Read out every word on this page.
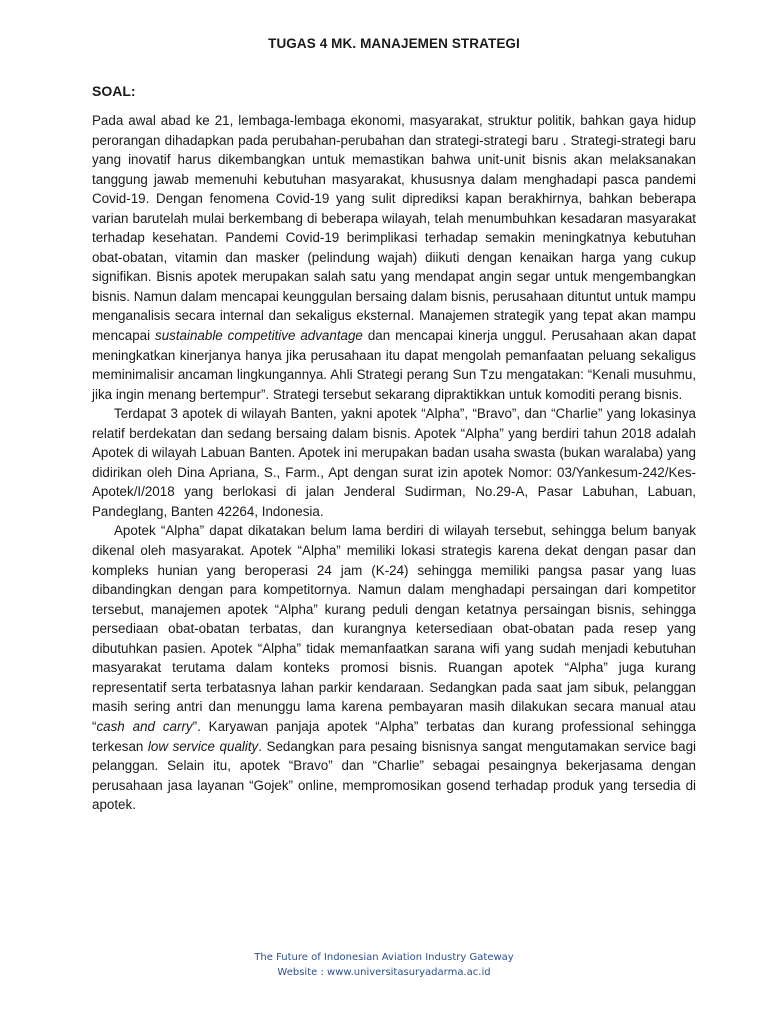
TUGAS 4 MK. MANAJEMEN STRATEGI
SOAL:

Pada awal abad ke 21, lembaga-lembaga ekonomi, masyarakat, struktur politik, bahkan gaya hidup perorangan dihadapkan pada perubahan-perubahan dan strategi-strategi baru . Strategi-strategi baru yang inovatif harus dikembangkan untuk memastikan bahwa unit-unit bisnis akan melaksanakan tanggung jawab memenuhi kebutuhan masyarakat, khususnya dalam menghadapi pasca pandemi Covid-19. Dengan fenomena Covid-19 yang sulit diprediksi kapan berakhirnya, bahkan beberapa varian barutelah mulai berkembang di beberapa wilayah, telah menumbuhkan kesadaran masyarakat terhadap kesehatan. Pandemi Covid-19 berimplikasi terhadap semakin meningkatnya kebutuhan obat-obatan, vitamin dan masker (pelindung wajah) diikuti dengan kenaikan harga yang cukup signifikan. Bisnis apotek merupakan salah satu yang mendapat angin segar untuk mengembangkan bisnis. Namun dalam mencapai keunggulan bersaing dalam bisnis, perusahaan dituntut untuk mampu menganalisis secara internal dan sekaligus eksternal. Manajemen strategik yang tepat akan mampu mencapai sustainable competitive advantage dan mencapai kinerja unggul. Perusahaan akan dapat meningkatkan kinerjanya hanya jika perusahaan itu dapat mengolah pemanfaatan peluang sekaligus meminimalisir ancaman lingkungannya. Ahli Strategi perang Sun Tzu mengatakan: “Kenali musuhmu, jika ingin menang bertempur”. Strategi tersebut sekarang dipraktikkan untuk komoditi perang bisnis.

Terdapat 3 apotek di wilayah Banten, yakni apotek “Alpha”, “Bravo”, dan “Charlie” yang lokasinya relatif berdekatan dan sedang bersaing dalam bisnis. Apotek “Alpha” yang berdiri tahun 2018 adalah Apotek di wilayah Labuan Banten. Apotek ini merupakan badan usaha swasta (bukan waralaba) yang didirikan oleh Dina Apriana, S., Farm., Apt dengan surat izin apotek Nomor: 03/Yankesum-242/Kes-Apotek/I/2018 yang berlokasi di jalan Jenderal Sudirman, No.29-A, Pasar Labuhan, Labuan, Pandeglang, Banten 42264, Indonesia.

Apotek “Alpha” dapat dikatakan belum lama berdiri di wilayah tersebut, sehingga belum banyak dikenal oleh masyarakat. Apotek “Alpha” memiliki lokasi strategis karena dekat dengan pasar dan kompleks hunian yang beroperasi 24 jam (K-24) sehingga memiliki pangsa pasar yang luas dibandingkan dengan para kompetitornya. Namun dalam menghadapi persaingan dari kompetitor tersebut, manajemen apotek “Alpha” kurang peduli dengan ketatnya persaingan bisnis, sehingga persediaan obat-obatan terbatas, dan kurangnya ketersediaan obat-obatan pada resep yang dibutuhkan pasien. Apotek “Alpha” tidak memanfaatkan sarana wifi yang sudah menjadi kebutuhan masyarakat terutama dalam konteks promosi bisnis. Ruangan apotek “Alpha” juga kurang representatif serta terbatasnya lahan parkir kendaraan. Sedangkan pada saat jam sibuk, pelanggan masih sering antri dan menunggu lama karena pembayaran masih dilakukan secara manual atau “cash and carry”. Karyawan panjaja apotek “Alpha” terbatas dan kurang professional sehingga terkesan low service quality. Sedangkan para pesaing bisnisnya sangat mengutamakan service bagi pelanggan. Selain itu, apotek “Bravo” dan “Charlie” sebagai pesaingnya bekerjasama dengan perusahaan jasa layanan “Gojek” online, mempromosikan gosend terhadap produk yang tersedia di apotek.

The Future of Indonesian Aviation Industry Gateway
Website : www.universitasuryadarma.ac.id
